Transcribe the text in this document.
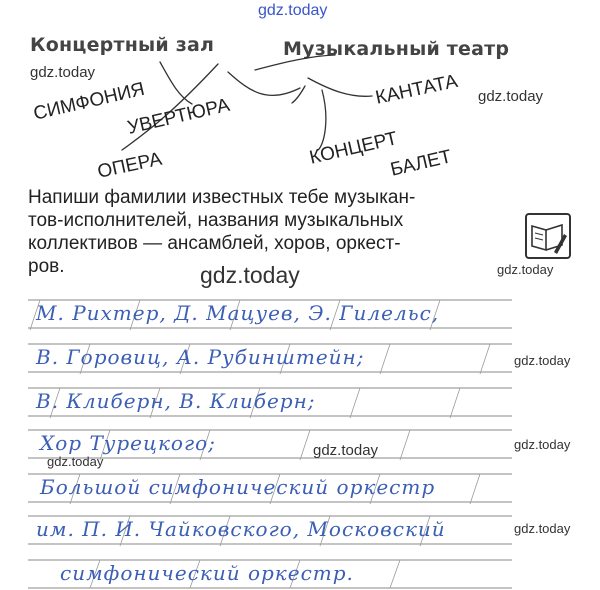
gdz.today
Концертный зал	Музыкальный театр
gdz.today
gdz.today
СИМФОНИЯ
УВЕРТЮРА
КАНТАТА
ОПЕРА	КОНЦЕРТ
БАЛЕТ
Напиши фамилии известных тебе музыкан-
тов-исполнителей, названия музыкальных
коллективов — ансамблей, хоров, оркест-
ров.	gdz.today
gdz.today
gdz.today
gdz.today
gdz.today
gdz.today
gdz.today
М. Рихтер, Д. Мацуев, Э. Гилельс,
В. Горовиц, А. Рубинштейн;
В. Клиберн, В. Клиберн;
Хор Турецкого;
Большой симфонический оркестр
им. П. И. Чайковского, Московский
симфонический оркестр.
